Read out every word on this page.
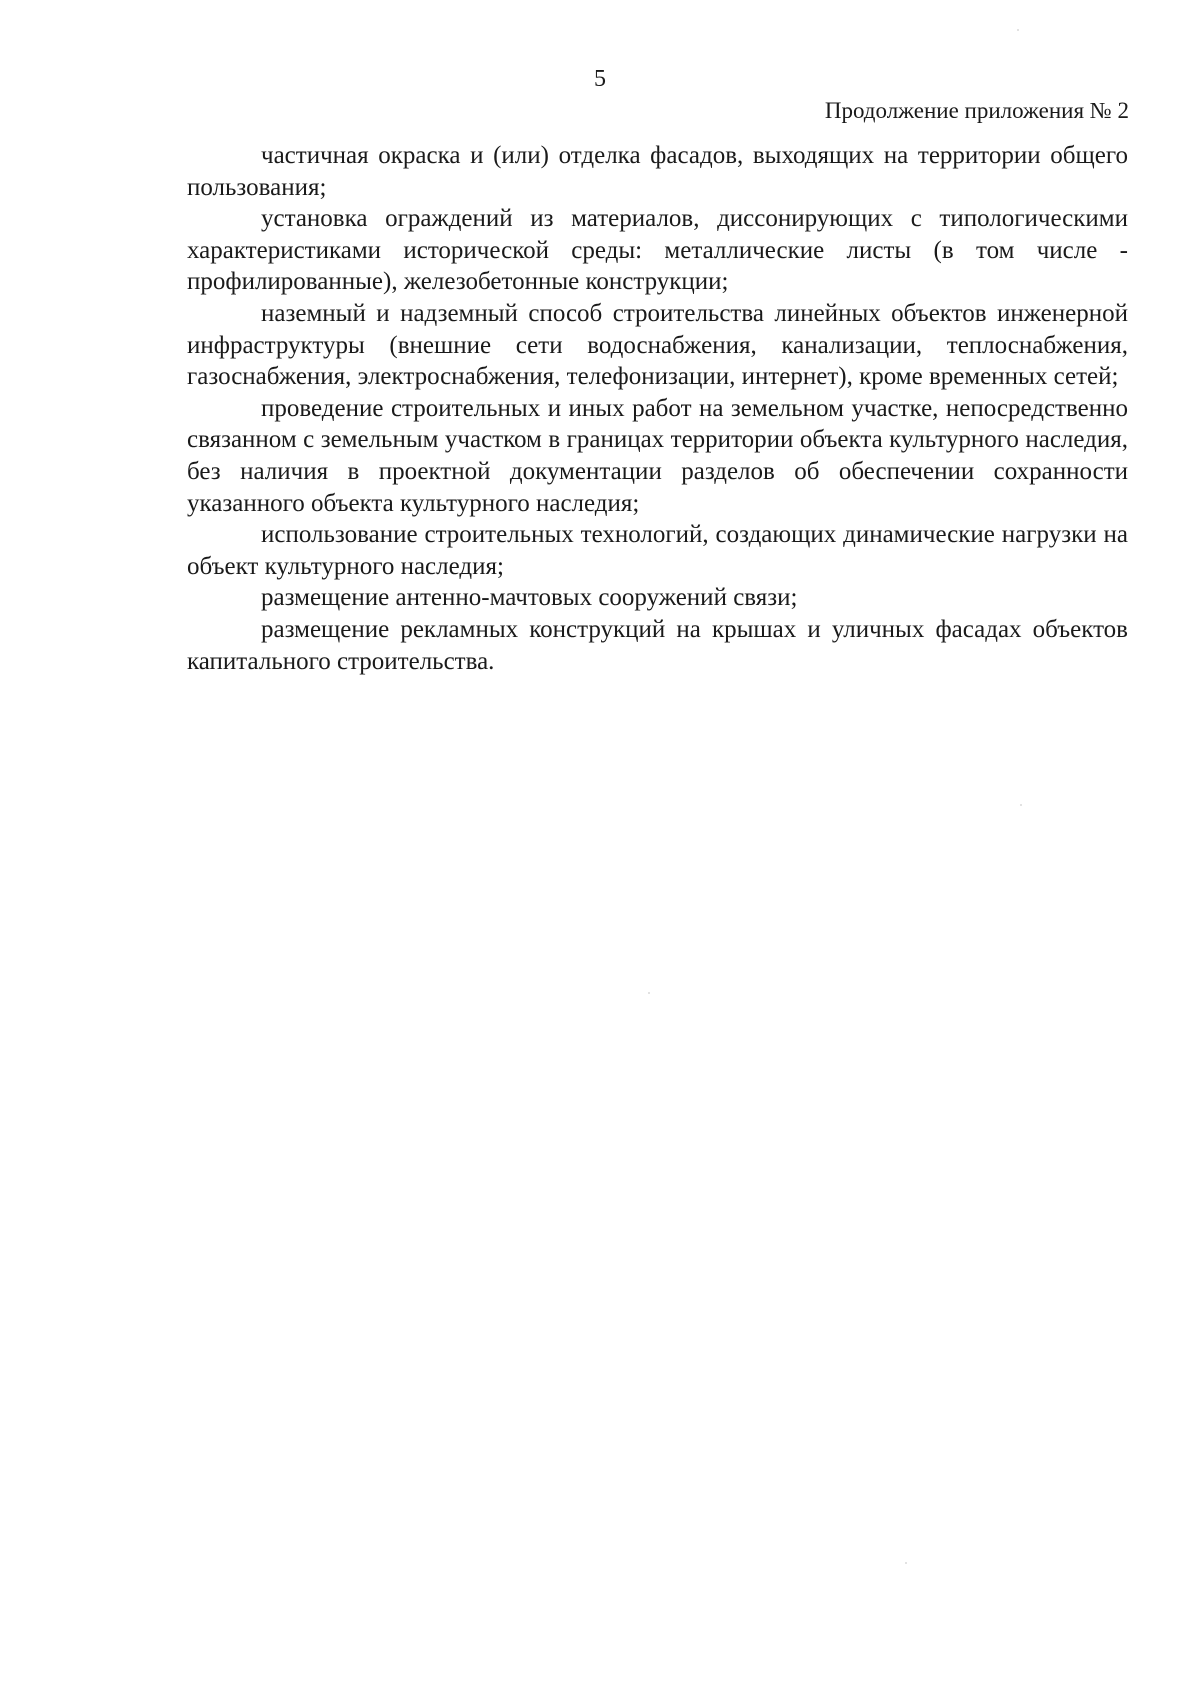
5
Продолжение приложения № 2

частичная окраска и (или) отделка фасадов, выходящих на территории общего пользования;

установка ограждений из материалов, диссонирующих с типологическими характеристиками исторической среды: металлические листы (в том числе - профилированные), железобетонные конструкции;

наземный и надземный способ строительства линейных объектов инженерной инфраструктуры (внешние сети водоснабжения, канализации, теплоснабжения, газоснабжения, электроснабжения, телефонизации, интернет), кроме временных сетей;

проведение строительных и иных работ на земельном участке, непосредственно связанном с земельным участком в границах территории объекта культурного наследия, без наличия в проектной документации разделов об обеспечении сохранности указанного объекта культурного наследия;

использование строительных технологий, создающих динамические нагрузки на объект культурного наследия;

размещение антенно-мачтовых сооружений связи;

размещение рекламных конструкций на крышах и уличных фасадах объектов капитального строительства.
